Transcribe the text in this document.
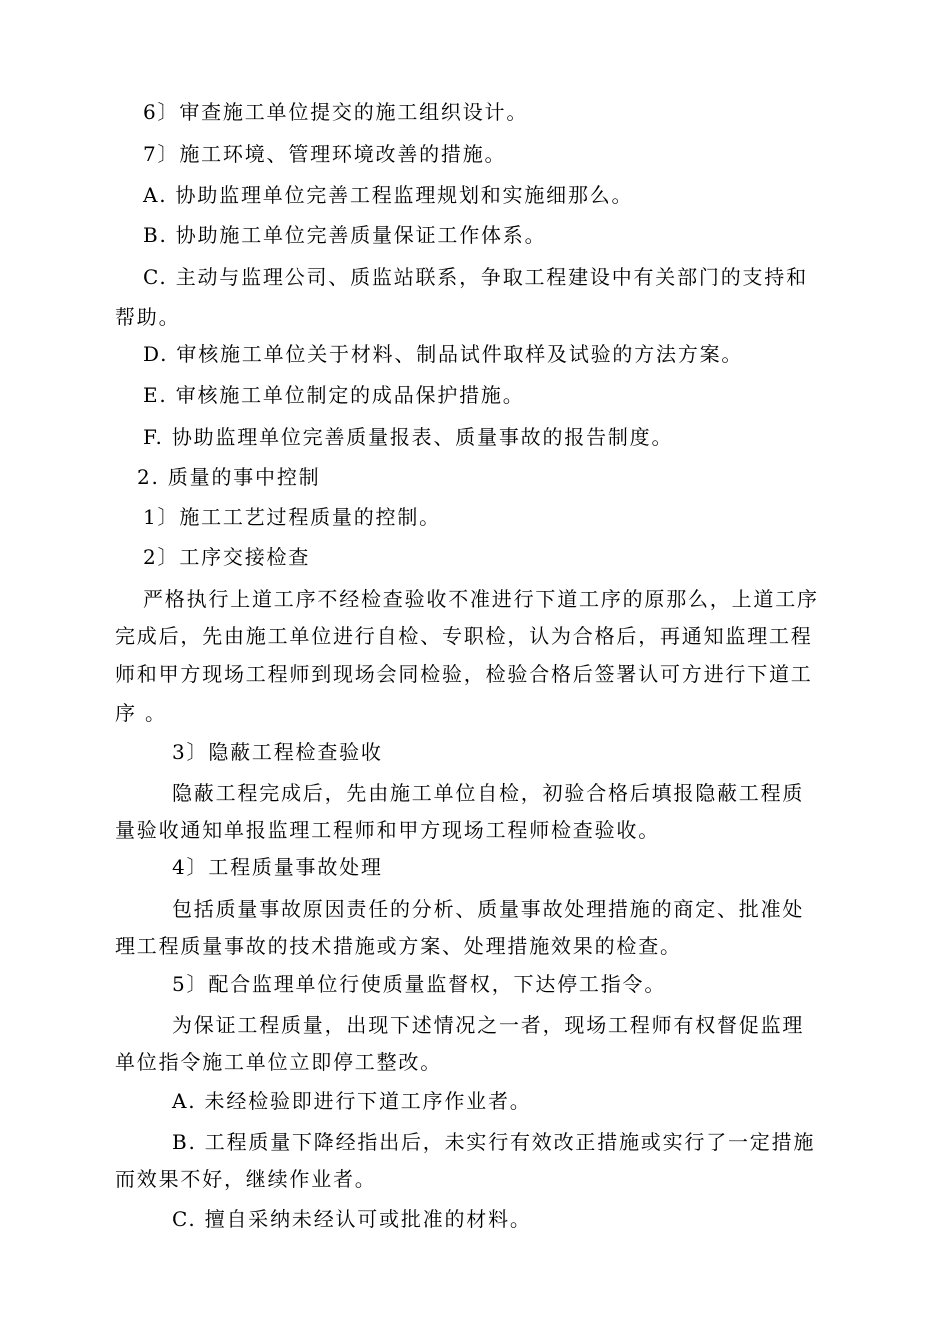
6〕审查施工单位提交的施工组织设计。
7〕施工环境、管理环境改善的措施。
A. 协助监理单位完善工程监理规划和实施细那么。
B. 协助施工单位完善质量保证工作体系。
C. 主动与监理公司、质监站联系，争取工程建设中有关部门的支持和
帮助。
D. 审核施工单位关于材料、制品试件取样及试验的方法方案。
E. 审核施工单位制定的成品保护措施。
F. 协助监理单位完善质量报表、质量事故的报告制度。
2. 质量的事中控制
1〕施工工艺过程质量的控制。
2〕工序交接检查
严格执行上道工序不经检查验收不准进行下道工序的原那么，上道工序
完成后，先由施工单位进行自检、专职检，认为合格后，再通知监理工程
师和甲方现场工程师到现场会同检验，检验合格后签署认可方进行下道工
序 。
3〕隐蔽工程检查验收
隐蔽工程完成后，先由施工单位自检，初验合格后填报隐蔽工程质
量验收通知单报监理工程师和甲方现场工程师检查验收。
4〕工程质量事故处理
包括质量事故原因责任的分析、质量事故处理措施的商定、批准处
理工程质量事故的技术措施或方案、处理措施效果的检查。
5〕配合监理单位行使质量监督权，下达停工指令。
为保证工程质量，出现下述情况之一者，现场工程师有权督促监理
单位指令施工单位立即停工整改。
A. 未经检验即进行下道工序作业者。
B. 工程质量下降经指出后，未实行有效改正措施或实行了一定措施
而效果不好，继续作业者。
C. 擅自采纳未经认可或批准的材料。
